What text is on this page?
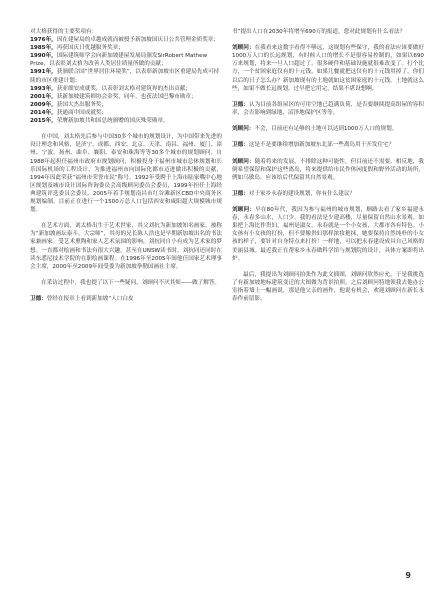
对大格获得的主要奖项有：

1976年，因在建屋局的卓越成就而被授予新加坡国庆日公共管理金质奖章；
1985年，再获国庆日优越服务奖章；
1990年，国际建筑师学会向新加坡建屋发展局颁发SirRobert Mathew Prize，以表彰刘太格为改善人类居住质量所做的贡献；
1991年，获颁联合国“世界居住环境奖”，以表彰新加坡市区重建局先成可持续的市区重建计划；
1993年，获亚细安成就奖，以表彰刘太格对建筑界的杰出贡献；
2001年，获新加坡建筑师协会金奖，同年，也获法国巴黎市勋章；
2009年，获国大杰出服务奖；
2014年，获通商中国成就奖；
2015年，荣膺新加坡共和国总统颁赠的国庆殊荣勋章。

在中国，刘太格先后参与中国30多个城市的规划设计，为中国带来先进的设计理念和风格，是济宁、成都、西安、北京、天津、南昌、福州、厦门、漳州、宁波、扬州、曲阜、襄阳、泰安和珠海等等30多个城市的规划顾问。自1988年起担任福州市政府市规划顾问，积极投身于福州市城市总体规划和长乐国际机场的工程设计，为推进福州市向国际化都市迈进做出积极的贡献，1994年因此荣获“福州市荣誉市民”称号。1992年受聘于上海市陆家嘴中心地区规划及城市设计国际咨询委员会高级顾问委员会委员，1999年担任上海经典建筑评选委员会委员。2005年着手规划南昌市红谷滩新区CBD中央商务区规划编制。目前正在进行一个1500万总人口包括西安和咸阳超大规模城市规划。

在艺术方面，刘太格出生于艺术世家，其父刘抗为新加坡知名画家，被称为“新加坡画坛泰斗，大宗师”，其母的兄长陈人浩也是早期新加坡出名的书法家兼画家。受艺术熏陶和家人艺术氛围的影响，刘抗同自小有成为艺术家的梦想。一直都对绘画和书法有很大兴趣，甚至在UNSW读书时，刘抗同还同时在读东悉尼技术学院的在职绘画课程。在1996年至2005年间他任国家艺术理事会主席，2000年至2009年间受委为新加坡拳勒国画社主席。

在采访过程中，我也提了以下一些疑问，刘顾问不厌其烦——做了解答。

卫德：曾经在报章上看到新加坡“人口白皮

书”提出人口在2030年将增至690万的报道，您对此规划有什么看法？

刘顾问：在我看来这数字看得不够远，这规划有些保守，我的看法应该要做好1000万人口的长远规划，有时候人口的增长不是很容易控制的，如果以690万来规划，将来一旦人口超过了，很多硬件和基础设施就很难改变了。打个比方，一个贫困家庭仅有的十元钱，如果几餐就把这仅有的十元钱用掉了，你们以后的日子怎么办？新加坡现有的土地就如这贫困家庭的十元钱，土地就这么些，如果不做长远规划，过早把它用完，结果不堪设想啊。

卫德：认为目前各组屋区的可用空地已趋满负荷，是否要继续提高组屋的容积率，会否影响到绿地、沼泽地保护区等等。

刘顾问：不会，目前还有足够的土地可以达到1000万人口的规划。

卫德：这是不是要继续增加新加坡东北部一些离岛用于开发住宅？

刘顾问：随着将来的发展，不排除这种可能性，但目前还不需要。相反地，我倒希望保留和保护这些离岛，将来提供给市民作休闲度假和野外活动的场所，例如乌敏岛，应该给后代保留其自然景观。

卫德：对于家乡永春的建设规划，你有什么建议？

刘顾问：早在80年代，我因为参与福州的城市规划，顺路去看了家乡福建永春，永春多山水，人口少。我的看法是少建高楼，尽量保留自然山水景观。如果把上海比作贵妇，福州是淑女，永春就是一个小女孩，大都市各有特色。小女孩有小女孩的打扮，但不要像贵妇那样浓妆艳抹，她要保持自然纯朴的小女孩的样子，要针对自身特点来打扮！一样地，可以把永春建设成具自己风格的美丽县城。最近我正在帮家乡永春做科学馆与规划院的设计，具体方案即将出炉。

最后，我提出为刘顾问拍张作为此文插图，刘顾问欣然应允，于是我挑选了有新加坡地标建筑变迁的大图做为背景拍照。之后刘顾问特地领我去他办公室指着墙上一幅画说，那是他父亲的画作，他说有机会，欢迎刘顾问在新长永春作前留影。

9
